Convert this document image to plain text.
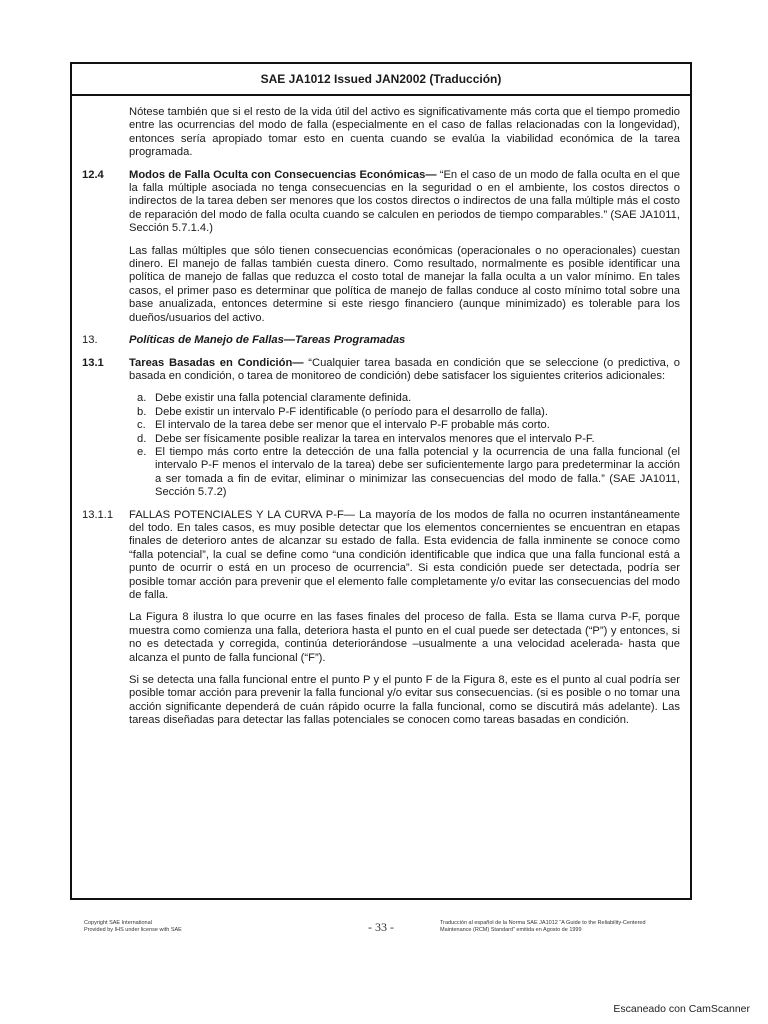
SAE JA1012 Issued JAN2002 (Traducción)

Nótese también que si el resto de la vida útil del activo es significativamente más corta que el tiempo promedio entre las ocurrencias del modo de falla (especialmente en el caso de fallas relacionadas con la longevidad), entonces sería apropiado tomar esto en cuenta cuando se evalúa la viabilidad económica de la tarea programada.

12.4	Modos de Falla Oculta con Consecuencias Económicas— “En el caso de un modo de falla oculta en el que la falla múltiple asociada no tenga consecuencias en la seguridad o en el ambiente, los costos directos o indirectos de la tarea deben ser menores que los costos directos o indirectos de una falla múltiple más el costo de reparación del modo de falla oculta cuando se calculen en periodos de tiempo comparables.” (SAE JA1011, Sección 5.7.1.4.)

Las fallas múltiples que sólo tienen consecuencias económicas (operacionales o no operacionales) cuestan dinero. El manejo de fallas también cuesta dinero. Como resultado, normalmente es posible identificar una política de manejo de fallas que reduzca el costo total de manejar la falla oculta a un valor mínimo. En tales casos, el primer paso es determinar que política de manejo de fallas conduce al costo mínimo total sobre una base anualizada, entonces determine si este riesgo financiero (aunque minimizado) es tolerable para los dueños/usuarios del activo.

13.	Políticas de Manejo de Fallas—Tareas Programadas
13.1	Tareas Basadas en Condición— “Cualquier tarea basada en condición que se seleccione (o predictiva, o basada en condición, o tarea de monitoreo de condición) debe satisfacer los siguientes criterios adicionales:
a. Debe existir una falla potencial claramente definida.
b. Debe existir un intervalo P-F identificable (o período para el desarrollo de falla).
c. El intervalo de la tarea debe ser menor que el intervalo P-F probable más corto.
d. Debe ser físicamente posible realizar la tarea en intervalos menores que el intervalo P-F.
e. El tiempo más corto entre la detección de una falla potencial y la ocurrencia de una falla funcional (el intervalo P-F menos el intervalo de la tarea) debe ser suficientemente largo para predeterminar la acción a ser tomada a fin de evitar, eliminar o minimizar las consecuencias del modo de falla.” (SAE JA1011, Sección 5.7.2)
13.1.1	FALLAS POTENCIALES Y LA CURVA P-F— La mayoría de los modos de falla no ocurren instantáneamente del todo. En tales casos, es muy posible detectar que los elementos concernientes se encuentran en etapas finales de deterioro antes de alcanzar su estado de falla. Esta evidencia de falla inminente se conoce como “falla potencial”, la cual se define como “una condición identificable que indica que una falla funcional está a punto de ocurrir o está en un proceso de ocurrencia”. Si esta condición puede ser detectada, podría ser posible tomar acción para prevenir que el elemento falle completamente y/o evitar las consecuencias del modo de falla.

La Figura 8 ilustra lo que ocurre en las fases finales del proceso de falla. Esta se llama curva P-F, porque muestra como comienza una falla, deteriora hasta el punto en el cual puede ser detectada (“P”) y entonces, si no es detectada y corregida, continúa deteriorándose –usualmente a una velocidad acelerada- hasta que alcanza el punto de falla funcional (“F”).

Si se detecta una falla funcional entre el punto P y el punto F de la Figura 8, este es el punto al cual podría ser posible tomar acción para prevenir la falla funcional y/o evitar sus consecuencias. (si es posible o no tomar una acción significante dependerá de cuán rápido ocurre la falla funcional, como se discutirá más adelante). Las tareas diseñadas para detectar las fallas potenciales se conocen como tareas basadas en condición.

Copyright SAE International
Provided by IHS under license with SAE	- 33 -	Traducción al español de la Norma SAE JA1012 “A Guide to the Reliability-Centered
Maintenance (RCM) Standard” emitida en Agosto de 1999
Escaneado con CamScanner
